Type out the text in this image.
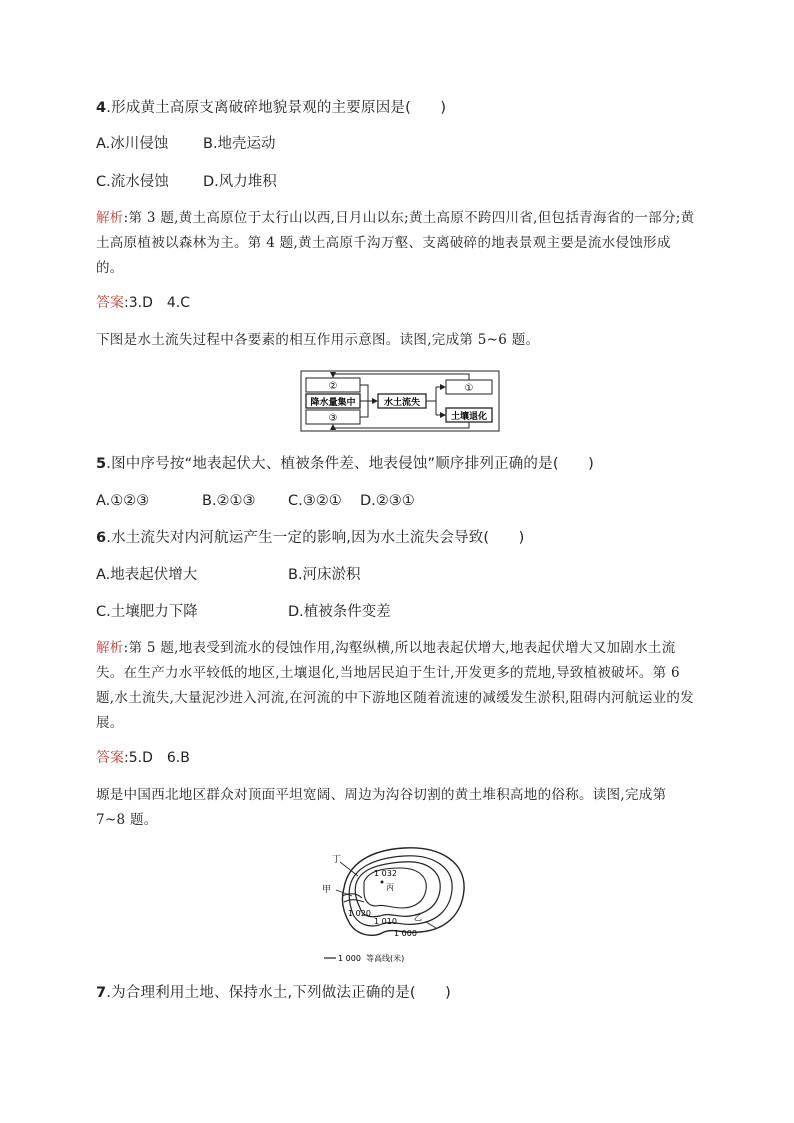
4.形成黄土高原支离破碎地貌景观的主要原因是(　　)
A.冰川侵蚀 B.地壳运动
C.流水侵蚀 D.风力堆积
解析:第 3 题,黄土高原位于太行山以西,日月山以东;黄土高原不跨四川省,但包括青海省的一部分;黄土高原植被以森林为主。第 4 题,黄土高原千沟万壑、支离破碎的地表景观主要是流水侵蚀形成的。
答案:3.D　4.C
下图是水土流失过程中各要素的相互作用示意图。读图,完成第 5~6 题。
②
降水量集中
③
水土流失
①
土壤退化
5.图中序号按“地表起伏大、植被条件差、地表侵蚀”顺序排列正确的是(　　)
A.①②③	B.②①③ C.③②① D.②③①
6.水土流失对内河航运产生一定的影响,因为水土流失会导致(　　)
A.地表起伏增大	B.河床淤积
C.土壤肥力下降	D.植被条件变差
解析:第 5 题,地表受到流水的侵蚀作用,沟壑纵横,所以地表起伏增大,地表起伏增大又加剧水土流失。在生产力水平较低的地区,土壤退化,当地居民迫于生计,开发更多的荒地,导致植被破坏。第 6 题,水土流失,大量泥沙进入河流,在河流的中下游地区随着流速的减缓发生淤积,阻碍内河航运业的发展。
答案:5.D　6.B
塬是中国西北地区群众对顶面平坦宽阔、周边为沟谷切割的黄土堆积高地的俗称。读图,完成第 7~8 题。
丁
甲
1 032
丙
1 020
1 010 乙
1 000
1 000 等高线(米)
7.为合理利用土地、保持水土,下列做法正确的是(　　)
